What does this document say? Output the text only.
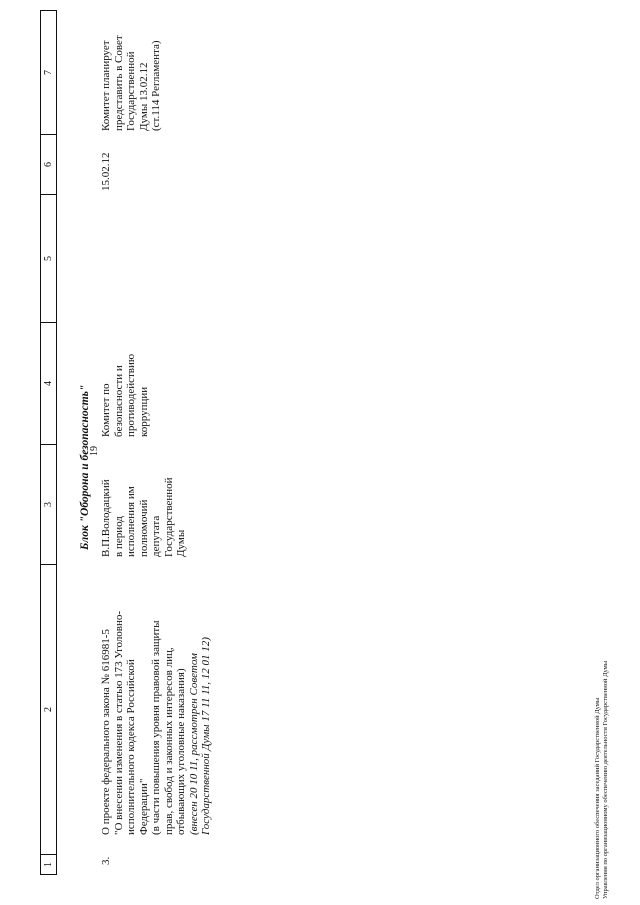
19
1
2
3
4
5
6
7
Блок "Оборона и безопасность"
3.
О проекте федерального закона № 616981-5 "О внесении изменения в статью 173 Уголовно- исполнительного кодекса Российской Федерации" (в части повышения уровня правовой защиты прав, свобод и законных интересов лиц, отбывающих уголовные наказания) (внесен 20 10 11, рассмотрен Советом Государственной Думы 17 11 11, 12 01 12)
В.П.Володацкий в период исполнения им полномочий депутата Государственной Думы
Комитет по безопасности и противодействию коррупции
15.02.12
Комитет планирует представить в Совет Государственной Думы 13.02.12 (ст.114 Регламента)
Отдел организационного обеспечения заседаний Государственной Думы Управления по организационному обеспечению деятельности Государственной Думы
